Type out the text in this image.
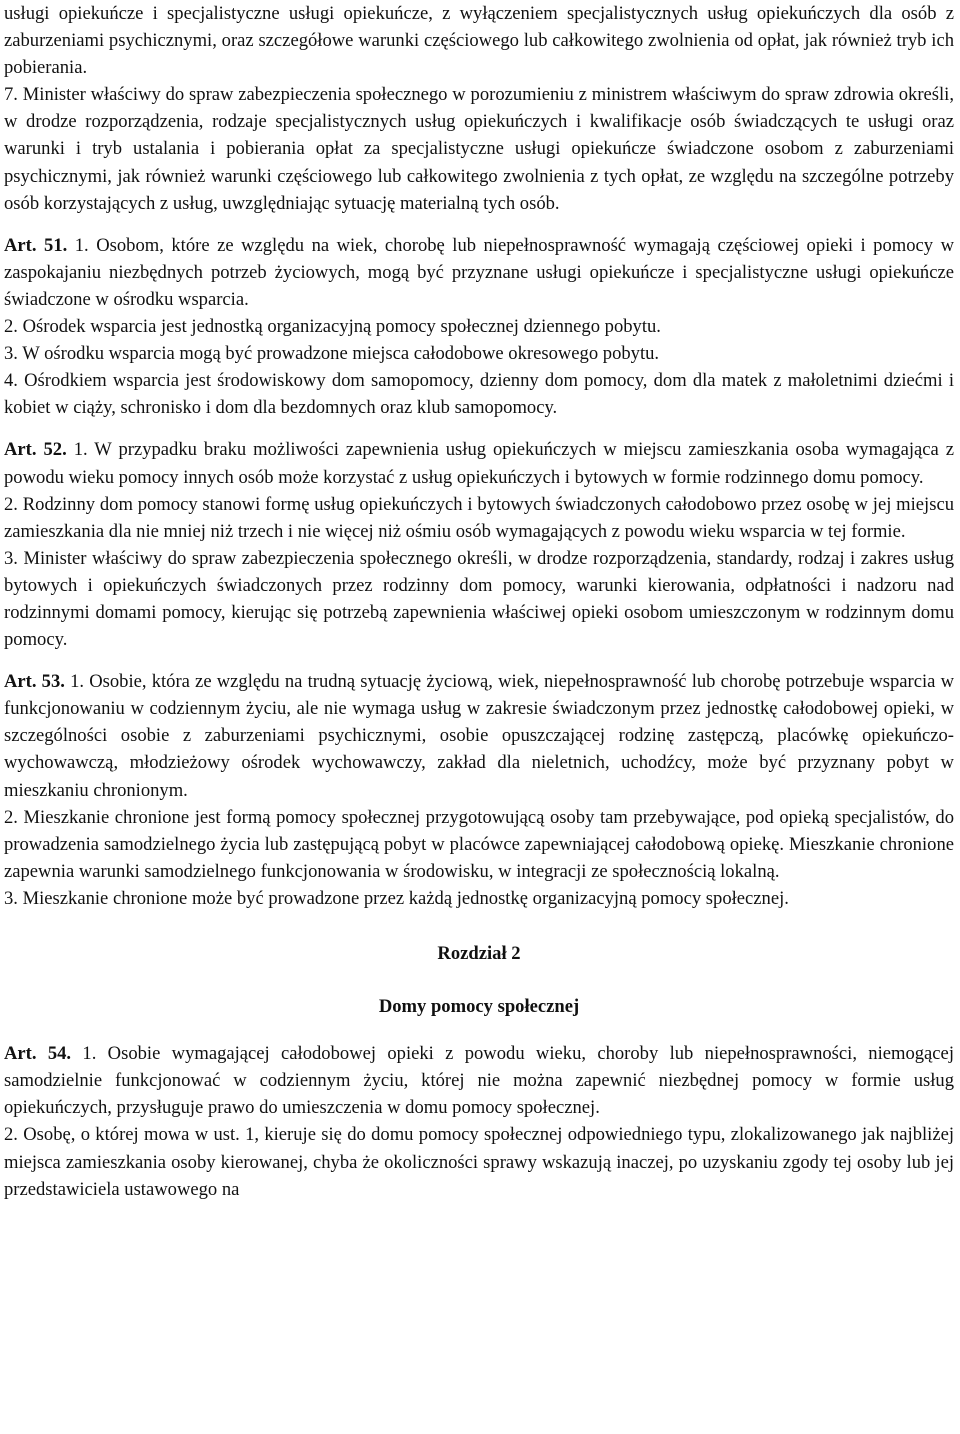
usługi opiekuńcze i specjalistyczne usługi opiekuńcze, z wyłączeniem specjalistycznych usług opiekuńczych dla osób z zaburzeniami psychicznymi, oraz szczegółowe warunki częściowego lub całkowitego zwolnienia od opłat, jak również tryb ich pobierania.

7. Minister właściwy do spraw zabezpieczenia społecznego w porozumieniu z ministrem właściwym do spraw zdrowia określi, w drodze rozporządzenia, rodzaje specjalistycznych usług opiekuńczych i kwalifikacje osób świadczących te usługi oraz warunki i tryb ustalania i pobierania opłat za specjalistyczne usługi opiekuńcze świadczone osobom z zaburzeniami psychicznymi, jak również warunki częściowego lub całkowitego zwolnienia z tych opłat, ze względu na szczególne potrzeby osób korzystających z usług, uwzględniając sytuację materialną tych osób.

Art. 51. 1. Osobom, które ze względu na wiek, chorobę lub niepełnosprawność wymagają częściowej opieki i pomocy w zaspokajaniu niezbędnych potrzeb życiowych, mogą być przyznane usługi opiekuńcze i specjalistyczne usługi opiekuńcze świadczone w ośrodku wsparcia.

2. Ośrodek wsparcia jest jednostką organizacyjną pomocy społecznej dziennego pobytu.

3. W ośrodku wsparcia mogą być prowadzone miejsca całodobowe okresowego pobytu.

4. Ośrodkiem wsparcia jest środowiskowy dom samopomocy, dzienny dom pomocy, dom dla matek z małoletnimi dziećmi i kobiet w ciąży, schronisko i dom dla bezdomnych oraz klub samopomocy.

Art. 52. 1. W przypadku braku możliwości zapewnienia usług opiekuńczych w miejscu zamieszkania osoba wymagająca z powodu wieku pomocy innych osób może korzystać z usług opiekuńczych i bytowych w formie rodzinnego domu pomocy.

2. Rodzinny dom pomocy stanowi formę usług opiekuńczych i bytowych świadczonych całodobowo przez osobę w jej miejscu zamieszkania dla nie mniej niż trzech i nie więcej niż ośmiu osób wymagających z powodu wieku wsparcia w tej formie.

3. Minister właściwy do spraw zabezpieczenia społecznego określi, w drodze rozporządzenia, standardy, rodzaj i zakres usług bytowych i opiekuńczych świadczonych przez rodzinny dom pomocy, warunki kierowania, odpłatności i nadzoru nad rodzinnymi domami pomocy, kierując się potrzebą zapewnienia właściwej opieki osobom umieszczonym w rodzinnym domu pomocy.

Art. 53. 1. Osobie, która ze względu na trudną sytuację życiową, wiek, niepełnosprawność lub chorobę potrzebuje wsparcia w funkcjonowaniu w codziennym życiu, ale nie wymaga usług w zakresie świadczonym przez jednostkę całodobowej opieki, w szczególności osobie z zaburzeniami psychicznymi, osobie opuszczającej rodzinę zastępczą, placówkę opiekuńczo-wychowawczą, młodzieżowy ośrodek wychowawczy, zakład dla nieletnich, uchodźcy, może być przyznany pobyt w mieszkaniu chronionym.

2. Mieszkanie chronione jest formą pomocy społecznej przygotowującą osoby tam przebywające, pod opieką specjalistów, do prowadzenia samodzielnego życia lub zastępującą pobyt w placówce zapewniającej całodobową opiekę. Mieszkanie chronione zapewnia warunki samodzielnego funkcjonowania w środowisku, w integracji ze społecznością lokalną.

3. Mieszkanie chronione może być prowadzone przez każdą jednostkę organizacyjną pomocy społecznej.

Rozdział 2

Domy pomocy społecznej

Art. 54. 1. Osobie wymagającej całodobowej opieki z powodu wieku, choroby lub niepełnosprawności, niemogącej samodzielnie funkcjonować w codziennym życiu, której nie można zapewnić niezbędnej pomocy w formie usług opiekuńczych, przysługuje prawo do umieszczenia w domu pomocy społecznej.

2. Osobę, o której mowa w ust. 1, kieruje się do domu pomocy społecznej odpowiedniego typu, zlokalizowanego jak najbliżej miejsca zamieszkania osoby kierowanej, chyba że okoliczności sprawy wskazują inaczej, po uzyskaniu zgody tej osoby lub jej przedstawiciela ustawowego na
